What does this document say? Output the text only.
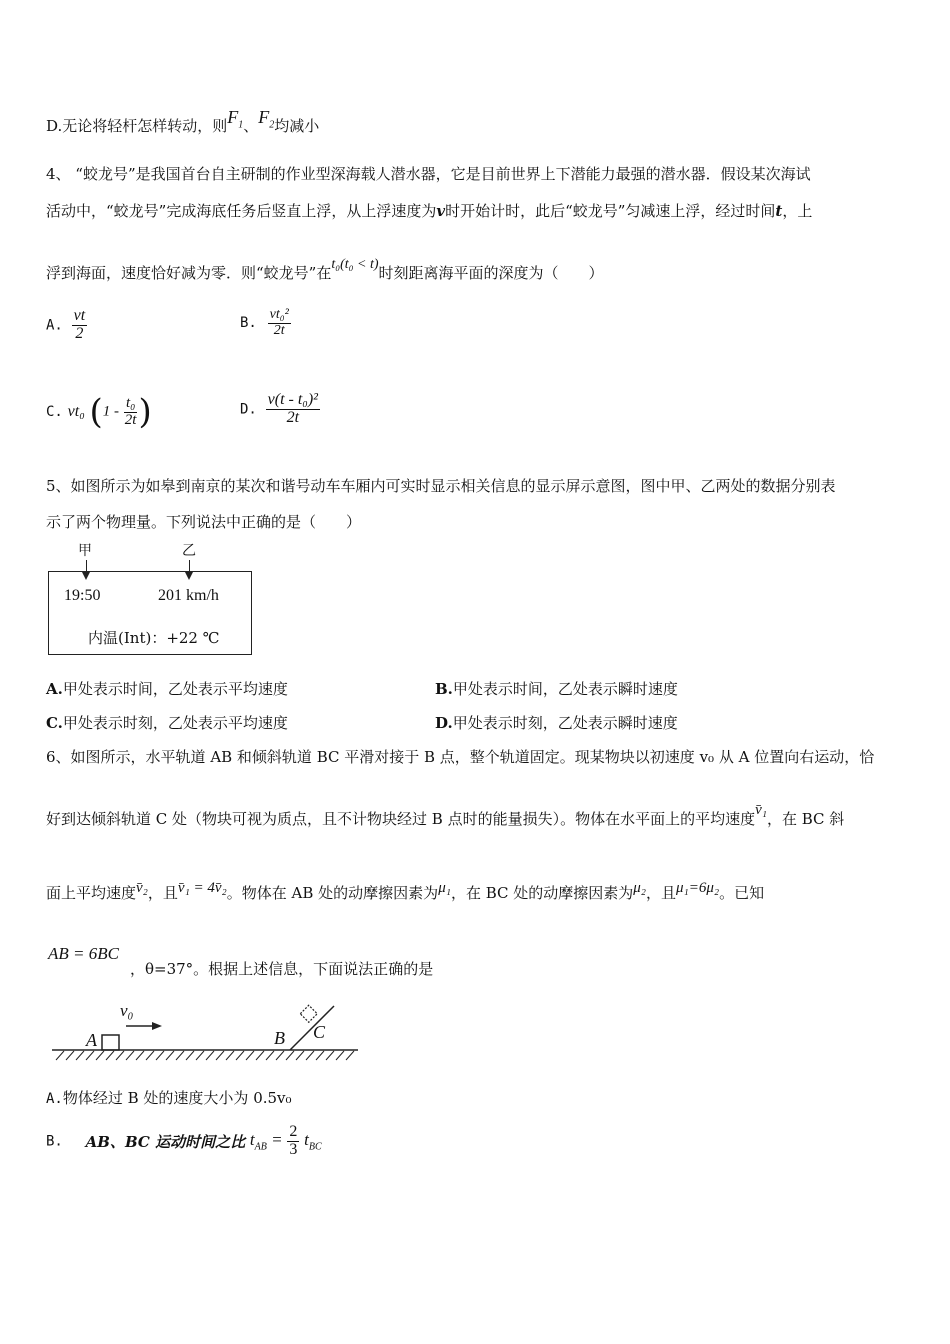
D.无论将轻杆怎样转动，则$F_1$、$F_2$均减小
4、 “蛟龙号”是我国首台自主研制的作业型深海载人潜水器，它是目前世界上下潜能力最强的潜水器．假设某次海试
活动中，“蛟龙号”完成海底任务后竖直上浮，从上浮速度为v时开始计时，此后“蛟龙号”匀减速上浮，经过时间t，上
浮到海面，速度恰好减为零．则“蛟龙号”在t₀(t₀ < t)时刻距离海平面的深度为（　　）
A. $\frac{vt}{2}$	B. $\frac{\text{vt₀²}}{2t}$
C. vt₀ ($1 - \frac{\text{t₀}}{2t}$ )	D. $\frac{\text{v(t - t₀)²}}{2t}$
5、如图所示为如皋到南京的某次和谐号动车车厢内可实时显示相关信息的显示屏示意图，图中甲、乙两处的数据分别表
示了两个物理量。下列说法中正确的是（　　）
甲	乙
19:50	201 km/h
内温(Int)：+22 ℃
A.甲处表示时间，乙处表示平均速度	B.甲处表示时间，乙处表示瞬时速度
C.甲处表示时刻，乙处表示平均速度	D.甲处表示时刻，乙处表示瞬时速度
6、如图所示，水平轨道 AB 和倾斜轨道 BC 平滑对接于 B 点，整个轨道固定。现某物块以初速度 v₀ 从 A 位置向右运动，恰
好到达倾斜轨道 C 处（物块可视为质点，且不计物块经过 B 点时的能量损失）。物体在水平面上的平均速度v̄₁，在 BC 斜
面上平均速度v̄₂，且v̄₁ = 4v̄₂。物体在 AB 处的动摩擦因素为μ₁，在 BC 处的动摩擦因素为μ₂，且μ₁=6μ₂。已知
AB = 6BC
，θ=37°。根据上述信息，下面说法正确的是
v₀
A	B C
A.物体经过 B 处的速度大小为 0.5v₀
B. AB、BC 运动时间之比 $t_{AB} = \frac{2}{3} t_{BC}$
